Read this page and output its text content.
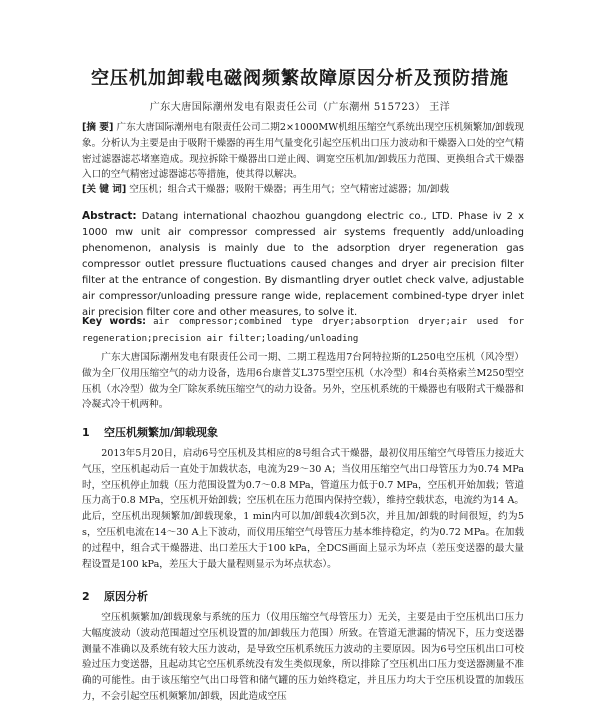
空压机加卸载电磁阀频繁故障原因分析及预防措施
广东大唐国际潮州发电有限责任公司（广东潮州 515723） 王洋
[摘 要] 广东大唐国际潮州电有限责任公司二期2×1000MW机组压缩空气系统出现空压机频繁加/卸载现象。分析认为主要是由于吸附干燥器的再生用气量变化引起空压机出口压力波动和干燥器入口处的空气精密过滤器滤芯堵塞造成。现拉拆除干燥器出口逆止阀、调宽空压机加/卸载压力范围、更换组合式干燥器入口的空气精密过滤器滤芯等措施，使其得以解决。
[关 键 词] 空压机；组合式干燥器；吸附干燥器；再生用气；空气精密过滤器；加/卸载
Abstract: Datang international chaozhou guangdong electric co., LTD. Phase iv 2 x 1000 mw unit air compressor compressed air systems frequently add/unloading phenomenon, analysis is mainly due to the adsorption dryer regeneration gas compressor outlet pressure fluctuations caused changes and dryer air precision filter filter at the entrance of congestion. By dismantling dryer outlet check valve, adjustable air compressor/unloading pressure range wide, replacement combined-type dryer inlet air precision filter core and other measures, to solve it.
Key words: air compressor;combined type dryer;absorption dryer;air used for regeneration;precision air filter;loading/unloading
广东大唐国际潮州发电有限责任公司一期、二期工程选用7台阿特拉斯的L250电空压机（风冷型）做为全厂仪用压缩空气的动力设备，选用6台康普艾L375型空压机（水冷型）和4台英格索兰M250型空压机（水冷型）做为全厂除灰系统压缩空气的动力设备。另外，空压机系统的干燥器也有吸附式干燥器和冷凝式冷干机两种。
1 空压机频繁加/卸载现象
2013年5月20日，启动6号空压机及其相应的8号组合式干燥器，最初仪用压缩空气母管压力接近大气压，空压机起动后一直处于加载状态，电流为29～30 A；当仪用压缩空气出口母管压力为0.74 MPa时，空压机停止加载（压力范围设置为0.7～0.8 MPa，管道压力低于0.7 MPa，空压机开始加载；管道压力高于0.8 MPa，空压机开始卸载；空压机在压力范围内保持空载），维持空载状态，电流约为14 A。此后，空压机出现频繁加/卸载现象，1 min内可以加/卸载4次到5次，并且加/卸载的时间很短，约为5 s，空压机电流在14～30 A上下波动，而仪用压缩空气母管压力基本维持稳定，约为0.72 MPa。在加载的过程中，组合式干燥器进、出口差压大于100 kPa，全DCS画面上显示为坏点（差压变送器的最大量程设置是100 kPa，差压大于最大量程则显示为坏点状态）。
2 原因分析
空压机频繁加/卸载现象与系统的压力（仪用压缩空气母管压力）无关，主要是由于空压机出口压力大幅度波动（波动范围超过空压机设置的加/卸载压力范围）所致。在管道无泄漏的情况下，压力变送器测量不准确以及系统有较大压力波动，是导致空压机系统压力波动的主要原因。因为6号空压机出口可校验过压力变送器，且起动其它空压机系统没有发生类似现象，所以排除了空压机出口压力变送器测量不准确的可能性。由于该压缩空气出口母管和储气罐的压力始终稳定，并且压力均大于空压机设置的加载压力，不会引起空压机频繁加/卸载，因此造成空压
